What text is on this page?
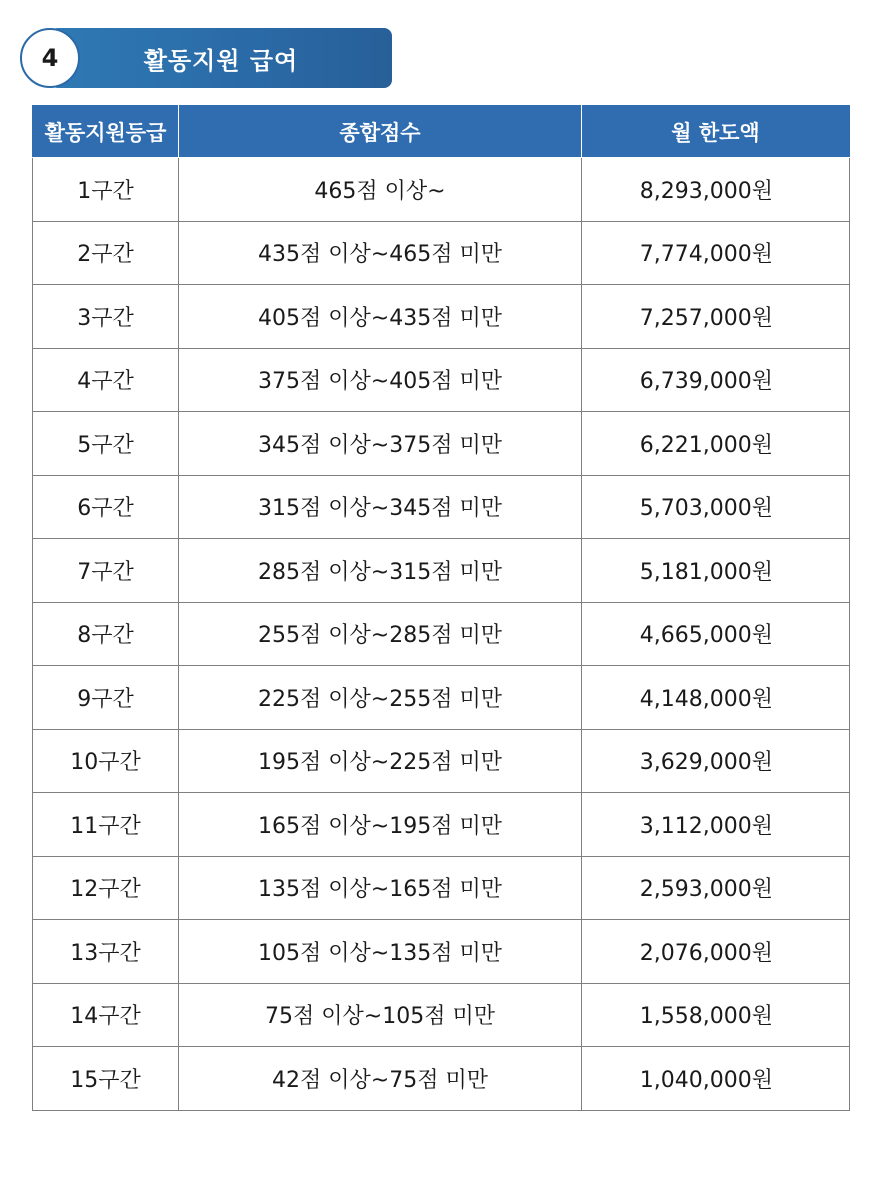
활동지원 급여
4
활동지원등급	종합점수	월 한도액
1구간	465점 이상~	8,293,000원
2구간	435점 이상~465점 미만	7,774,000원
3구간	405점 이상~435점 미만	7,257,000원
4구간	375점 이상~405점 미만	6,739,000원
5구간	345점 이상~375점 미만	6,221,000원
6구간	315점 이상~345점 미만	5,703,000원
7구간	285점 이상~315점 미만	5,181,000원
8구간	255점 이상~285점 미만	4,665,000원
9구간	225점 이상~255점 미만	4,148,000원
10구간	195점 이상~225점 미만	3,629,000원
11구간	165점 이상~195점 미만	3,112,000원
12구간	135점 이상~165점 미만	2,593,000원
13구간	105점 이상~135점 미만	2,076,000원
14구간	75점 이상~105점 미만	1,558,000원
15구간	42점 이상~75점 미만	1,040,000원
